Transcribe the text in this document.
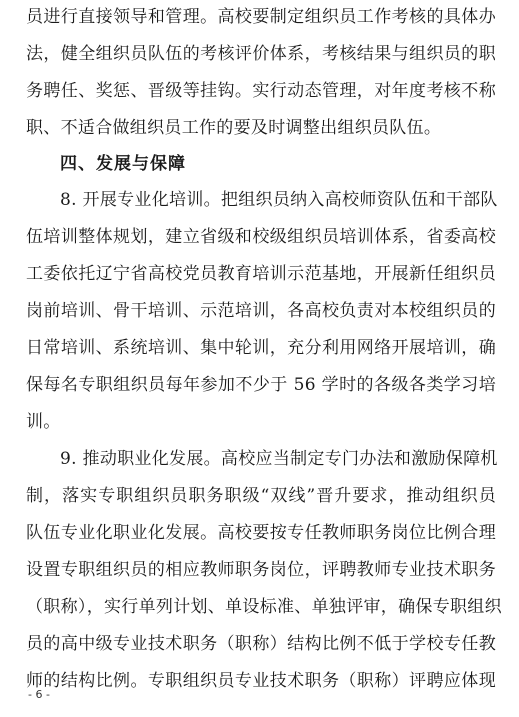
员进行直接领导和管理。高校要制定组织员工作考核的具体办
法，健全组织员队伍的考核评价体系，考核结果与组织员的职
务聘任、奖惩、晋级等挂钩。实行动态管理，对年度考核不称
职、不适合做组织员工作的要及时调整出组织员队伍。
四、发展与保障
8. 开展专业化培训。把组织员纳入高校师资队伍和干部队
伍培训整体规划，建立省级和校级组织员培训体系，省委高校
工委依托辽宁省高校党员教育培训示范基地，开展新任组织员
岗前培训、骨干培训、示范培训，各高校负责对本校组织员的
日常培训、系统培训、集中轮训，充分利用网络开展培训，确
保每名专职组织员每年参加不少于 56 学时的各级各类学习培
训。
9. 推动职业化发展。高校应当制定专门办法和激励保障机
制，落实专职组织员职务职级“双线”晋升要求，推动组织员
队伍专业化职业化发展。高校要按专任教师职务岗位比例合理
设置专职组织员的相应教师职务岗位，评聘教师专业技术职务
（职称），实行单列计划、单设标准、单独评审，确保专职组织
员的高中级专业技术职务（职称）结构比例不低于学校专任教
师的结构比例。专职组织员专业技术职务（职称）评聘应体现
- 6 -
